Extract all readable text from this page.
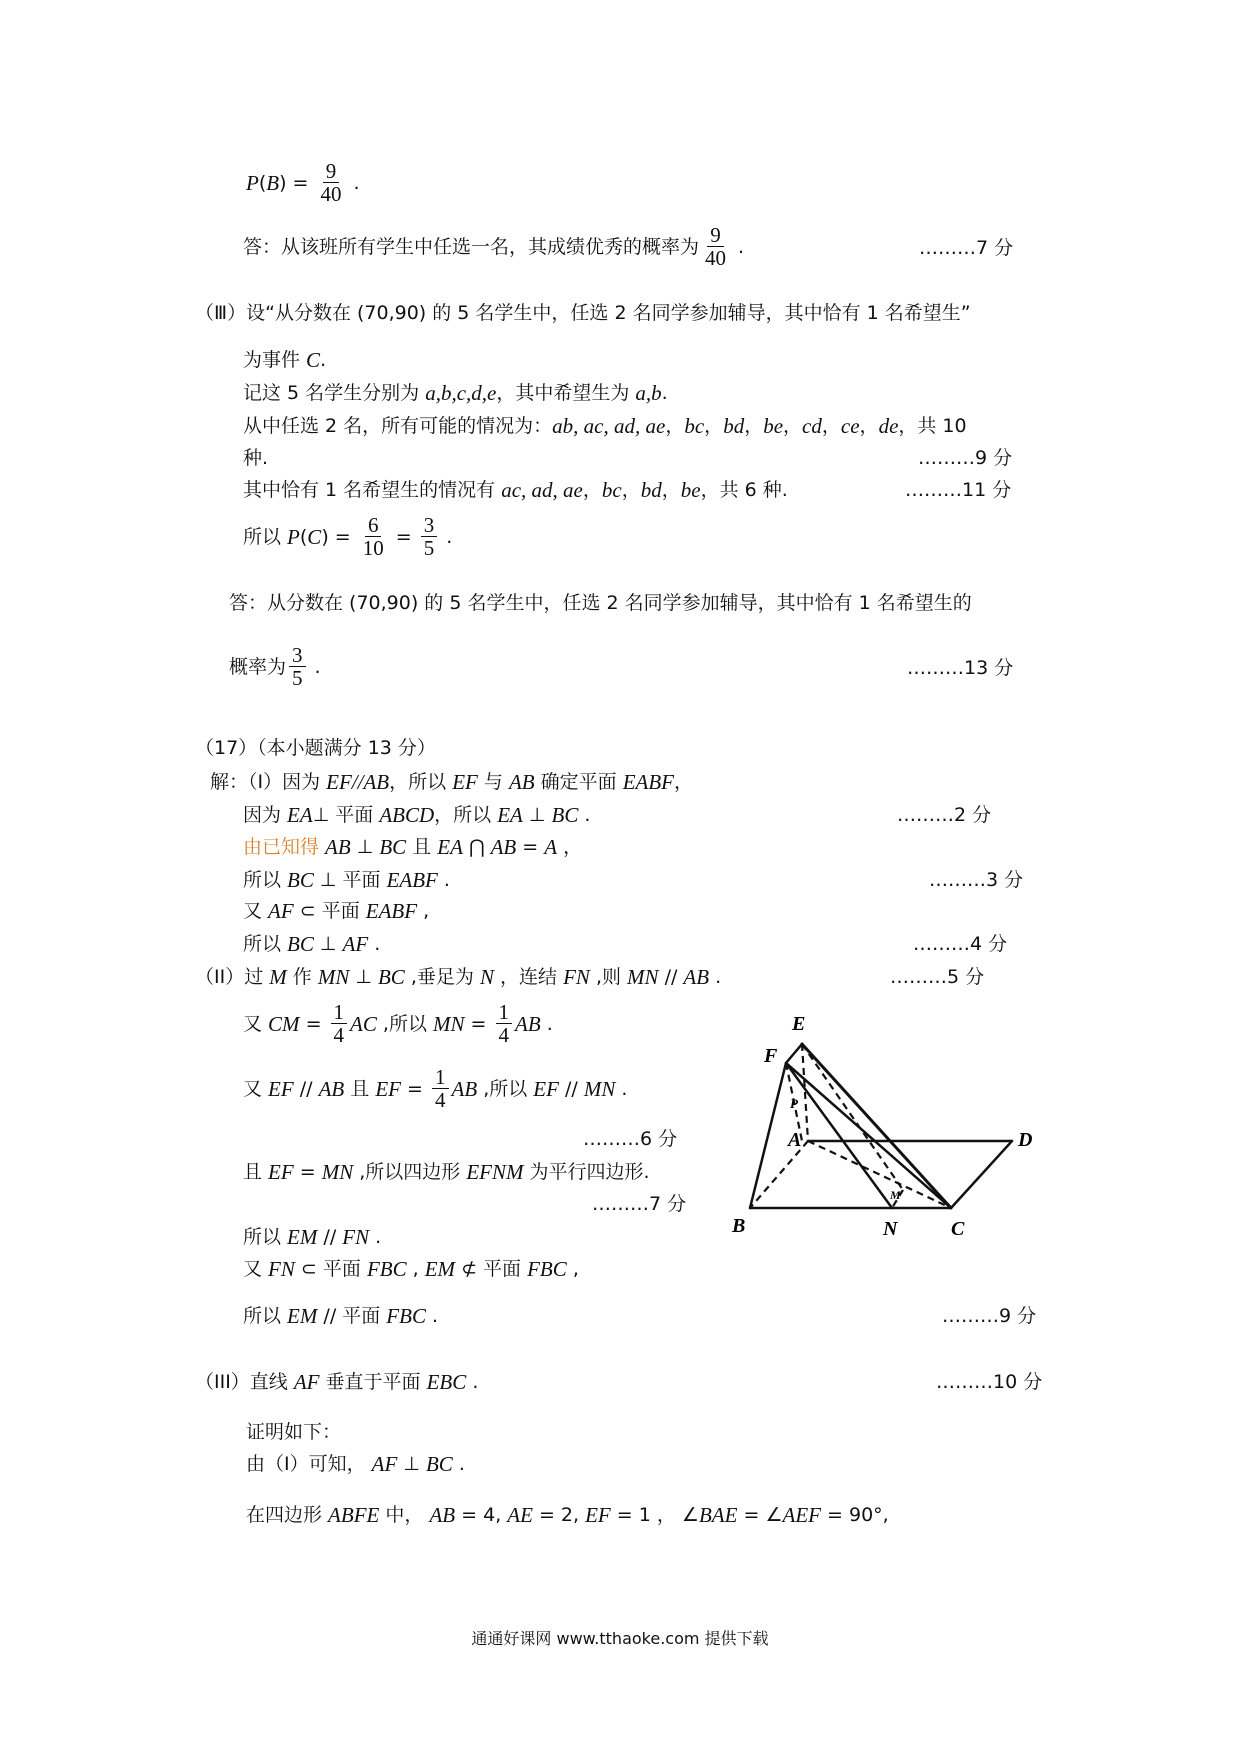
P ( B ) = $\frac{9}{40}$ .
答：从该班所有学生中任选一名，其成绩优秀的概率为 $\frac{9}{40}$ .
（Ⅲ）设“从分数在 (70,90) 的 5 名学生中，任选 2 名同学参加辅导，其中恰有 1 名希望生”
为事件 C .
记这 5 名学生分别为 a,b,c,d,e ，其中希望生为 a,b .
从中任选 2 名，所有可能的情况为： ab, ac, ad, ae ， bc ， bd ， be ， cd ， ce ， de ，共 10
种.
其中恰有 1 名希望生的情况有 ac, ad, ae ， bc ， bd ， be ，共 6 种.
所以 P ( C ) = $\frac{6}{10} = \frac{3}{5}$ .
答：从分数在 (70,90) 的 5 名学生中，任选 2 名同学参加辅导，其中恰有 1 名希望生的
概率为 $\frac{3}{5}$ .
（17）（本小题满分 13 分）
解：（I）因为 EF//AB ，所以 EF 与 AB 确定平面 EABF ，
因为 EA ⊥ 平面 ABCD ，所以 EA ⊥ BC .
由已知得 AB ⊥ BC 且 EA ⋂ AB = A ，
所以 BC ⊥ 平面 EABF .
又 AF ⊂ 平面 EABF ,
所以 BC ⊥ AF .
（II）过 M 作 MN ⊥ BC ,垂足为 N ，连结 FN ,则 MN // AB .
又 CM = $\frac{1}{4}$ AC ,所以 MN = $\frac{1}{4}$ AB .
又 EF // AB 且 EF = $\frac{1}{4}$ AB ,所以 EF // MN .
且 EF = MN ,所以四边形 EFNM 为平行四边形.
所以 EM // FN .
又 FN ⊂ 平面 FBC , EM ⊄ 平面 FBC ,
所以 EM // 平面 FBC .
（III）直线 AF 垂直于平面 EBC .
证明如下：
由（I）可知， AF ⊥ BC .
在四边形 ABFE 中， AB = 4, AE = 2, EF = 1 ， ∠ BAE = ∠ AEF = 90°,
………7 分
………9 分
………11 分
………13 分
………2 分
………3 分
………4 分
………5 分
………6 分
………7 分
………9 分
………10 分
E
F
P
A	D
M
B	N	C
通通好课网 www.tthaoke.com 提供下载
